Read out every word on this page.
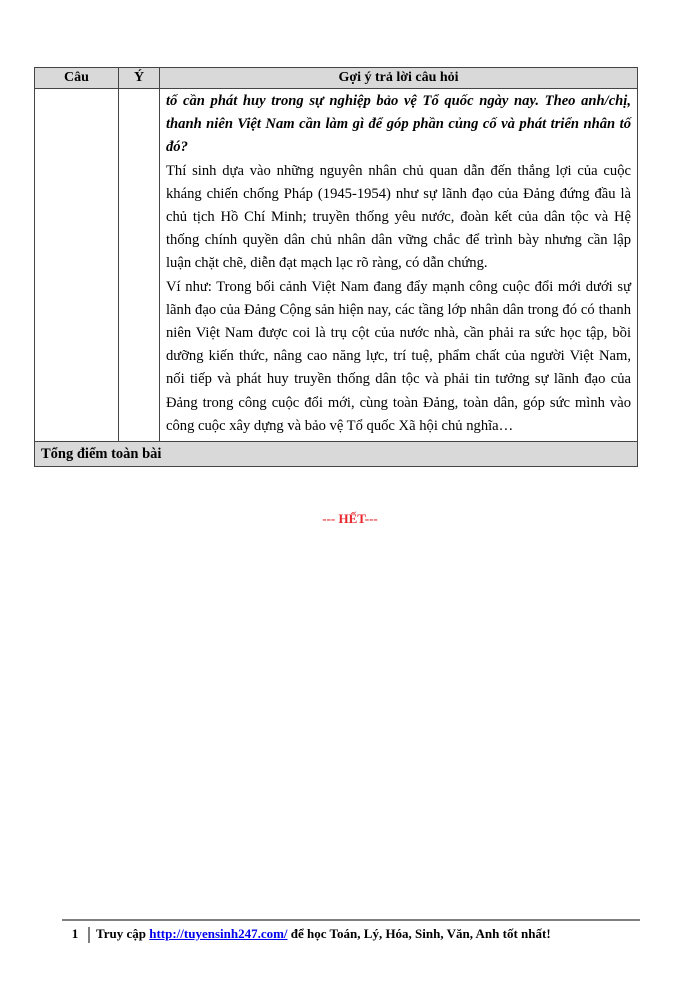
Câu	Ý	Gợi ý trả lời câu hỏi

		tố cần phát huy trong sự nghiệp bảo vệ Tổ quốc ngày nay. Theo anh/chị, thanh niên Việt Nam cần làm gì để góp phần củng cố và phát triển nhân tố đó?

Thí sinh dựa vào những nguyên nhân chủ quan dẫn đến thắng lợi của cuộc kháng chiến chống Pháp (1945-1954) như sự lãnh đạo của Đảng đứng đầu là chủ tịch Hồ Chí Minh; truyền thống yêu nước, đoàn kết của dân tộc và Hệ thống chính quyền dân chủ nhân dân vững chắc để trình bày nhưng cần lập luận chặt chẽ, diễn đạt mạch lạc rõ ràng, có dẫn chứng.

Ví như: Trong bối cảnh Việt Nam đang đẩy mạnh công cuộc đổi mới dưới sự lãnh đạo của Đảng Cộng sản hiện nay, các tầng lớp nhân dân trong đó có thanh niên Việt Nam được coi là trụ cột của nước nhà, cần phải ra sức học tập, bồi dưỡng kiến thức, nâng cao năng lực, trí tuệ, phẩm chất của người Việt Nam, nối tiếp và phát huy truyền thống dân tộc và phải tin tưởng sự lãnh đạo của Đảng trong công cuộc đổi mới, cùng toàn Đảng, toàn dân, góp sức mình vào công cuộc xây dựng và bảo vệ Tổ quốc Xã hội chủ nghĩa…

Tổng điểm toàn bài		
--- HẾT---
1 Truy cập http://tuyensinh247.com/ để học Toán, Lý, Hóa, Sinh, Văn, Anh tốt nhất!
